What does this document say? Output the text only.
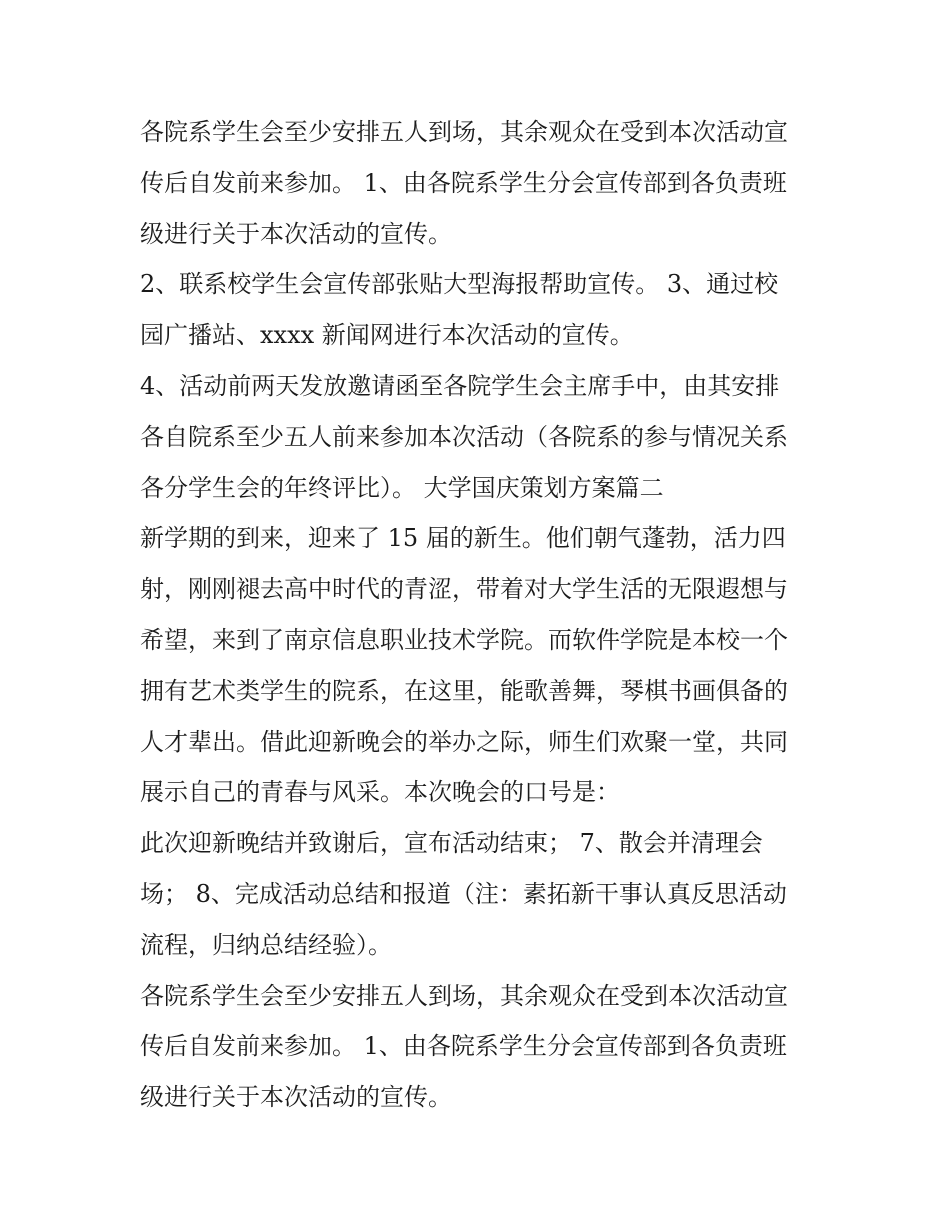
各院系学生会至少安排五人到场，其余观众在受到本次活动宣
传后自发前来参加。 1、由各院系学生分会宣传部到各负责班
级进行关于本次活动的宣传。
2、联系校学生会宣传部张贴大型海报帮助宣传。 3、通过校
园广播站、xxxx 新闻网进行本次活动的宣传。
4、活动前两天发放邀请函至各院学生会主席手中，由其安排
各自院系至少五人前来参加本次活动（各院系的参与情况关系
各分学生会的年终评比）。 大学国庆策划方案篇二
新学期的到来，迎来了 15 届的新生。他们朝气蓬勃，活力四
射，刚刚褪去高中时代的青涩，带着对大学生活的无限遐想与
希望，来到了南京信息职业技术学院。而软件学院是本校一个
拥有艺术类学生的院系，在这里，能歌善舞，琴棋书画俱备的
人才辈出。借此迎新晚会的举办之际，师生们欢聚一堂，共同
展示自己的青春与风采。本次晚会的口号是：
此次迎新晚结并致谢后，宣布活动结束； 7、散会并清理会
场； 8、完成活动总结和报道（注：素拓新干事认真反思活动
流程，归纳总结经验）。
各院系学生会至少安排五人到场，其余观众在受到本次活动宣
传后自发前来参加。 1、由各院系学生分会宣传部到各负责班
级进行关于本次活动的宣传。
